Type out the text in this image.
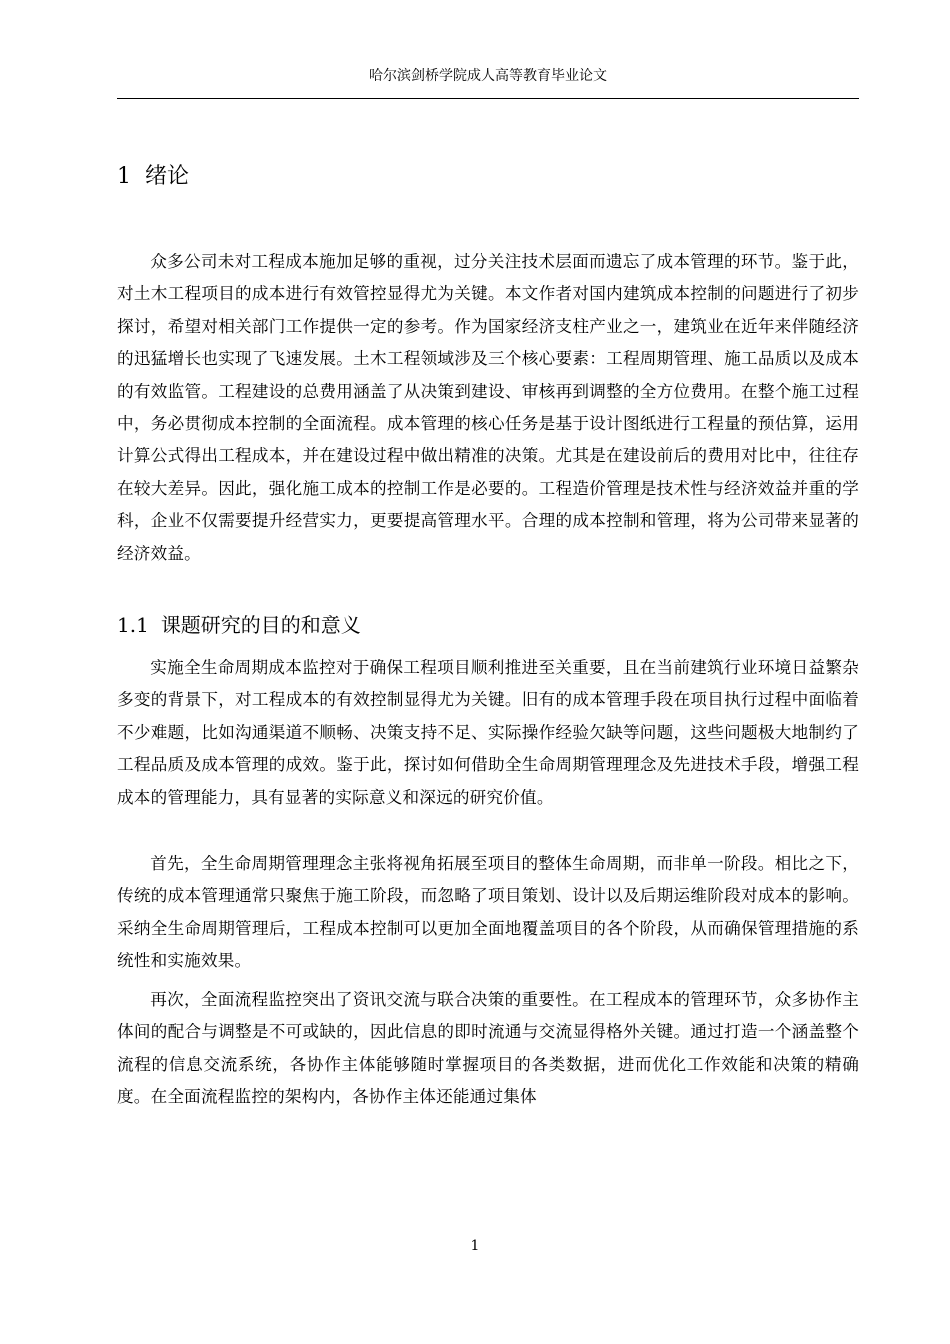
哈尔滨剑桥学院成人高等教育毕业论文
1 绪论

众多公司未对工程成本施加足够的重视，过分关注技术层面而遗忘了成本管理的环节。鉴于此，对土木工程项目的成本进行有效管控显得尤为关键。本文作者对国内建筑成本控制的问题进行了初步探讨，希望对相关部门工作提供一定的参考。作为国家经济支柱产业之一，建筑业在近年来伴随经济的迅猛增长也实现了飞速发展。土木工程领域涉及三个核心要素：工程周期管理、施工品质以及成本的有效监管。工程建设的总费用涵盖了从决策到建设、审核再到调整的全方位费用。在整个施工过程中，务必贯彻成本控制的全面流程。成本管理的核心任务是基于设计图纸进行工程量的预估算，运用计算公式得出工程成本，并在建设过程中做出精准的决策。尤其是在建设前后的费用对比中，往往存在较大差异。因此，强化施工成本的控制工作是必要的。工程造价管理是技术性与经济效益并重的学科，企业不仅需要提升经营实力，更要提高管理水平。合理的成本控制和管理，将为公司带来显著的经济效益。

1.1 课题研究的目的和意义

实施全生命周期成本监控对于确保工程项目顺利推进至关重要，且在当前建筑行业环境日益繁杂多变的背景下，对工程成本的有效控制显得尤为关键。旧有的成本管理手段在项目执行过程中面临着不少难题，比如沟通渠道不顺畅、决策支持不足、实际操作经验欠缺等问题，这些问题极大地制约了工程品质及成本管理的成效。鉴于此，探讨如何借助全生命周期管理理念及先进技术手段，增强工程成本的管理能力，具有显著的实际意义和深远的研究价值。

首先，全生命周期管理理念主张将视角拓展至项目的整体生命周期，而非单一阶段。相比之下，传统的成本管理通常只聚焦于施工阶段，而忽略了项目策划、设计以及后期运维阶段对成本的影响。采纳全生命周期管理后，工程成本控制可以更加全面地覆盖项目的各个阶段，从而确保管理措施的系统性和实施效果。

再次，全面流程监控突出了资讯交流与联合决策的重要性。在工程成本的管理环节，众多协作主体间的配合与调整是不可或缺的，因此信息的即时流通与交流显得格外关键。通过打造一个涵盖整个流程的信息交流系统，各协作主体能够随时掌握项目的各类数据，进而优化工作效能和决策的精确度。在全面流程监控的架构内，各协作主体还能通过集体

1
